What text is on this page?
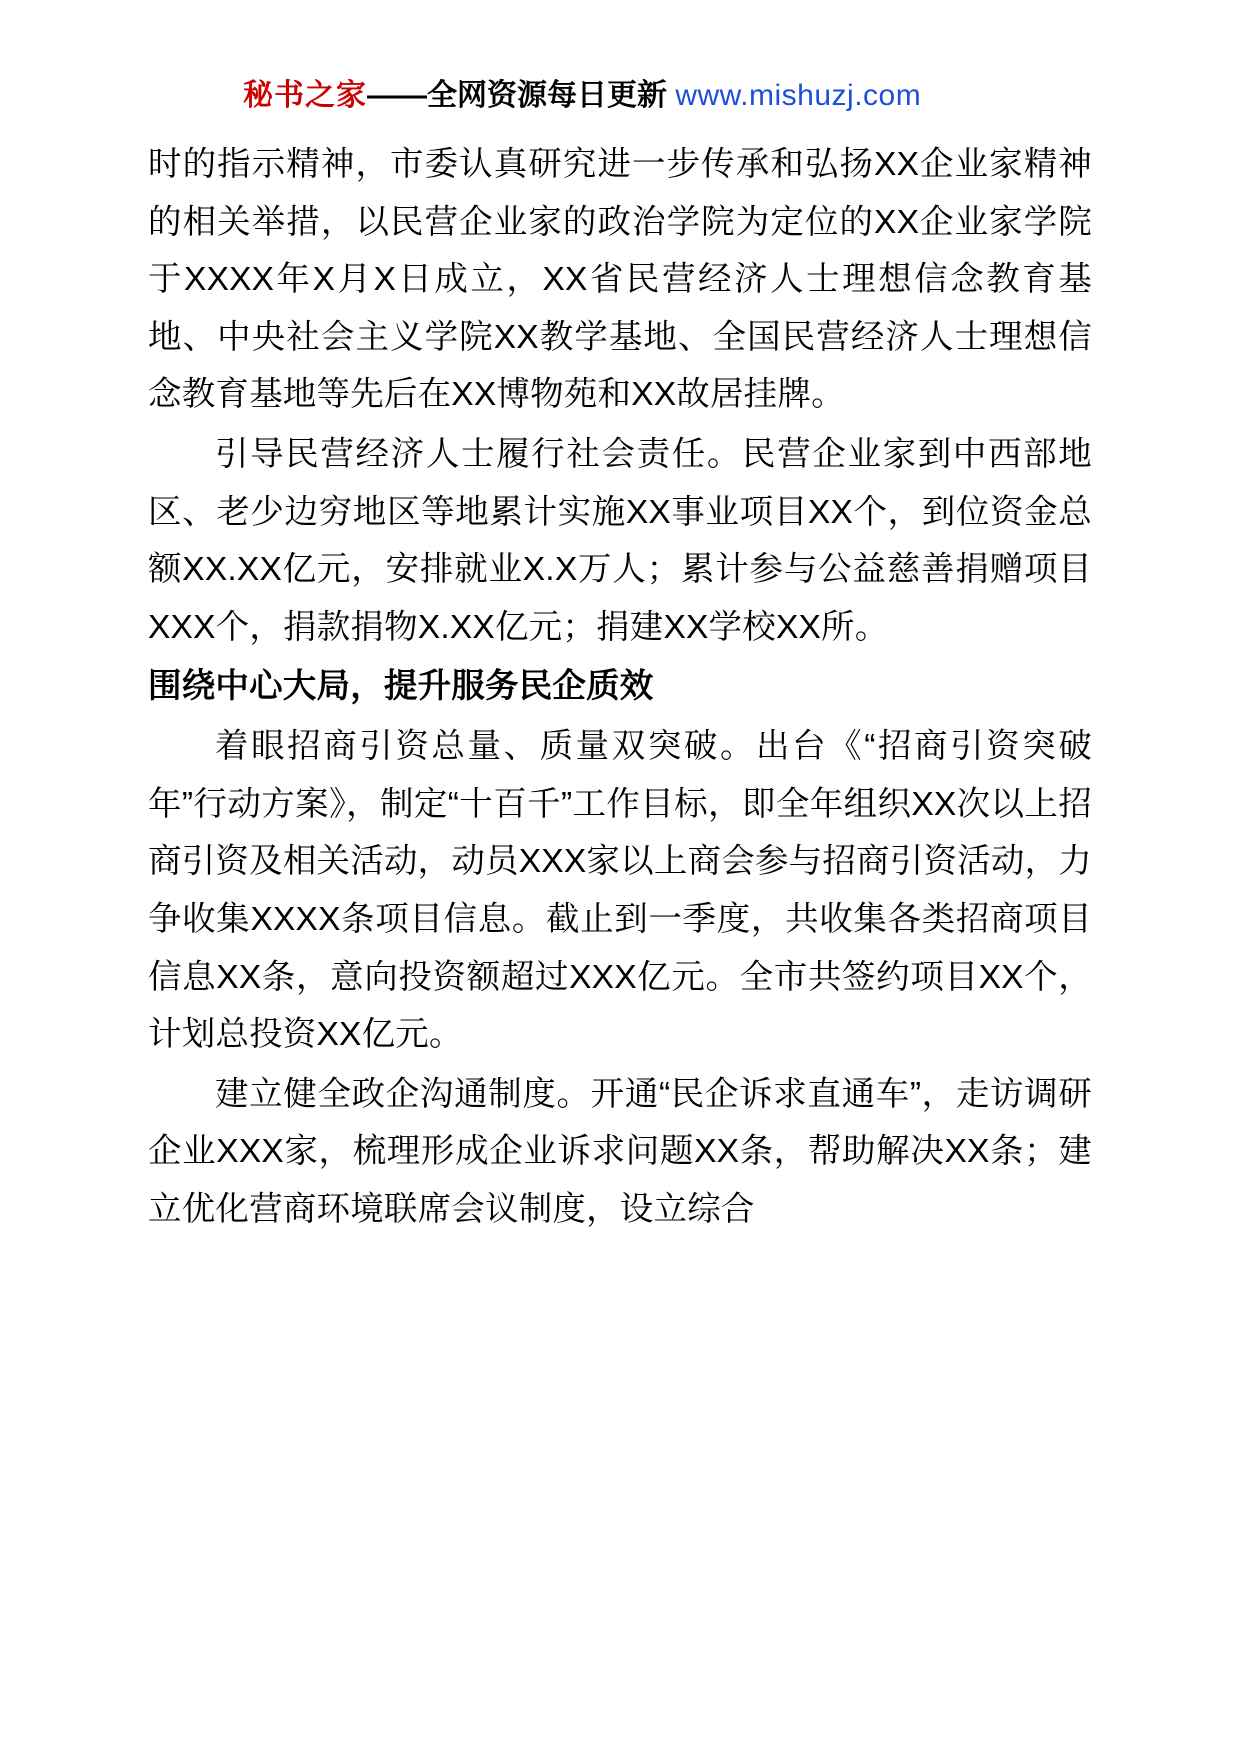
秘书之家——全网资源每日更新 www.mishuzj.com

时的指示精神，市委认真研究进一步传承和弘扬XX企业家精神的相关举措，以民营企业家的政治学院为定位的XX企业家学院于XXXX年X月X日成立，XX省民营经济人士理想信念教育基地、中央社会主义学院XX教学基地、全国民营经济人士理想信念教育基地等先后在XX博物苑和XX故居挂牌。

引导民营经济人士履行社会责任。民营企业家到中西部地区、老少边穷地区等地累计实施XX事业项目XX个，到位资金总额XX.XX亿元，安排就业X.X万人；累计参与公益慈善捐赠项目XXX个，捐款捐物X.XX亿元；捐建XX学校XX所。

围绕中心大局，提升服务民企质效

着眼招商引资总量、质量双突破。出台《“招商引资突破年”行动方案》，制定“十百千”工作目标，即全年组织XX次以上招商引资及相关活动，动员XXX家以上商会参与招商引资活动，力争收集XXXX条项目信息。截止到一季度，共收集各类招商项目信息XX条，意向投资额超过XXX亿元。全市共签约项目XX个，计划总投资XX亿元。

建立健全政企沟通制度。开通“民企诉求直通车”，走访调研企业XXX家，梳理形成企业诉求问题XX条，帮助解决XX条；建立优化营商环境联席会议制度，设立综合
